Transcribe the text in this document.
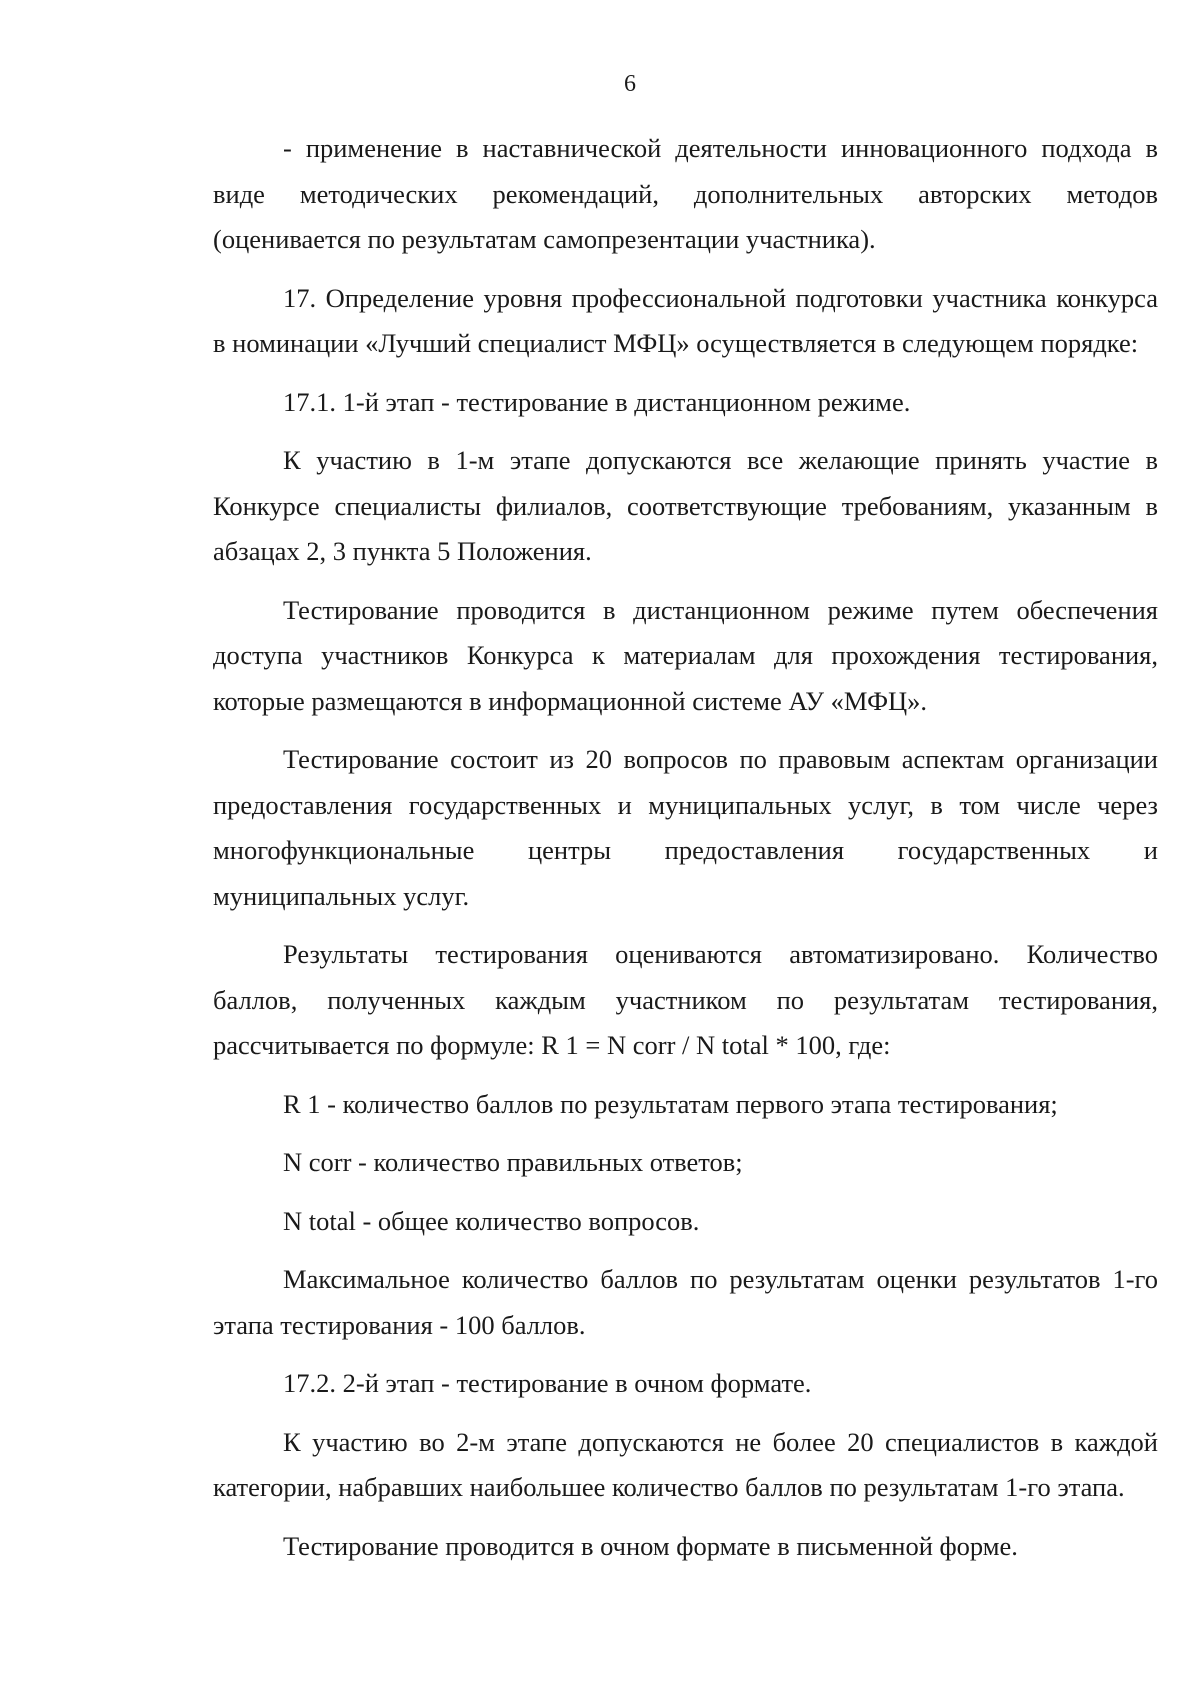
6

- применение в наставнической деятельности инновационного подхода в виде методических рекомендаций, дополнительных авторских методов (оценивается по результатам самопрезентации участника).

17. Определение уровня профессиональной подготовки участника конкурса в номинации «Лучший специалист МФЦ» осуществляется в следующем порядке:

17.1. 1-й этап - тестирование в дистанционном режиме.

К участию в 1-м этапе допускаются все желающие принять участие в Конкурсе специалисты филиалов, соответствующие требованиям, указанным в абзацах 2, 3 пункта 5 Положения.

Тестирование проводится в дистанционном режиме путем обеспечения доступа участников Конкурса к материалам для прохождения тестирования, которые размещаются в информационной системе АУ «МФЦ».

Тестирование состоит из 20 вопросов по правовым аспектам организации предоставления государственных и муниципальных услуг, в том числе через многофункциональные центры предоставления государственных и муниципальных услуг.

Результаты тестирования оцениваются автоматизировано. Количество баллов, полученных каждым участником по результатам тестирования, рассчитывается по формуле: R 1 = N corr / N total * 100, где:

R 1 - количество баллов по результатам первого этапа тестирования;

N corr - количество правильных ответов;

N total - общее количество вопросов.

Максимальное количество баллов по результатам оценки результатов 1-го этапа тестирования - 100 баллов.

17.2. 2-й этап - тестирование в очном формате.

К участию во 2-м этапе допускаются не более 20 специалистов в каждой категории, набравших наибольшее количество баллов по результатам 1-го этапа.

Тестирование проводится в очном формате в письменной форме.
